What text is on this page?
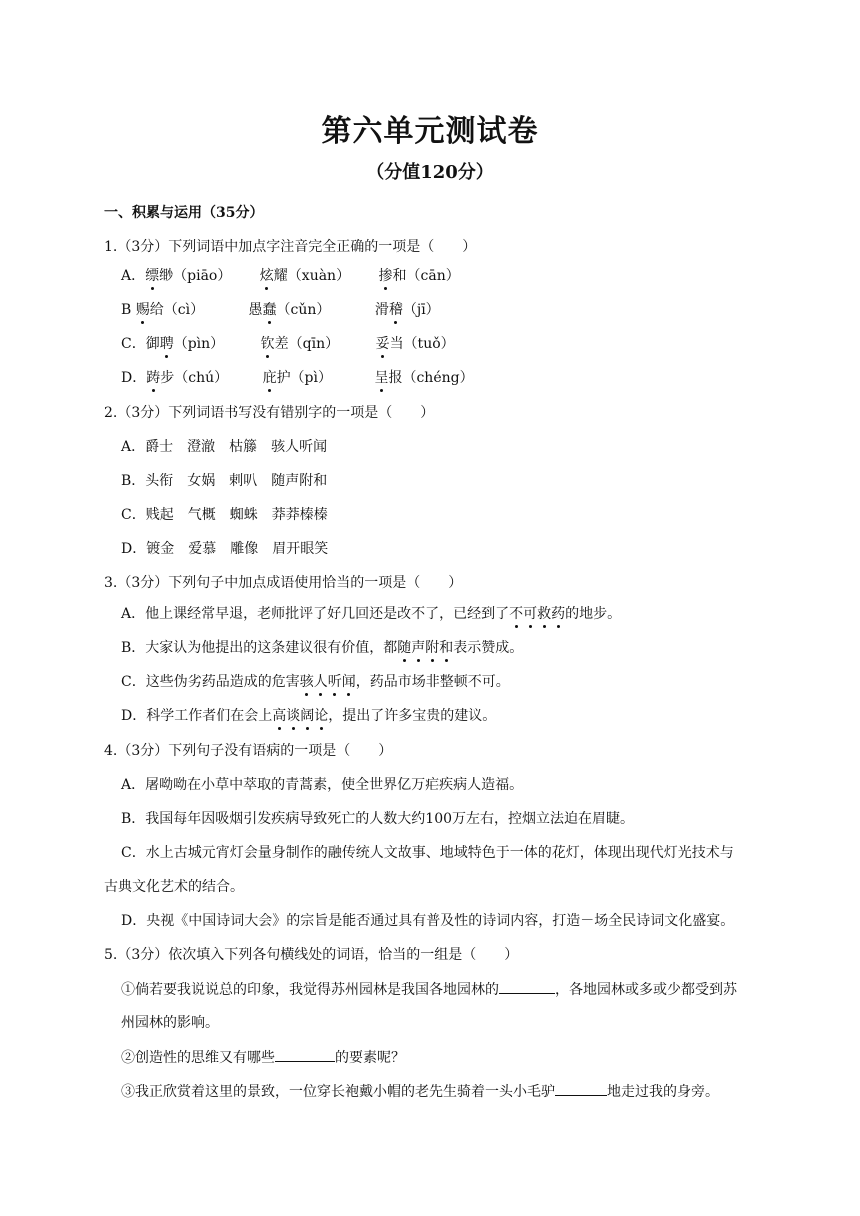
第六单元测试卷
（分值120分）
一、积累与运用（35分）
1.（3分）下列词语中加点字注音完全正确的一项是（　　）
A．缥缈（piāo） 炫耀（xuàn） 掺和（cān）
B 赐给（cì）	愚蠢（cǔn）	滑稽（jī）
C．御聘（pìn）	钦差（qīn）	妥当（tuǒ）
D．踌步（chú） 庇护（pì）	呈报（chéng）
2.（3分）下列词语书写没有错别字的一项是（　　）
A．爵士　澄澈　枯籐　骇人听闻
B．头衔　女娲　剌叭　随声附和
C．贱起　气概　蜘蛛　莽莽榛榛
D．镀金　爱慕　雕像　眉开眼笑
3.（3分）下列句子中加点成语使用恰当的一项是（　　）
A．他上课经常早退，老师批评了好几回还是改不了，已经到了不可救药的地步。
B．大家认为他提出的这条建议很有价值，都随声附和表示赞成。
C．这些伪劣药品造成的危害骇人听闻，药品市场非整顿不可。
D．科学工作者们在会上高谈阔论，提出了许多宝贵的建议。
4.（3分）下列句子没有语病的一项是（　　）
A．屠呦呦在小草中萃取的青蒿素，使全世界亿万疟疾病人造福。
B．我国每年因吸烟引发疾病导致死亡的人数大约100万左右，控烟立法迫在眉睫。
C．水上古城元宵灯会量身制作的融传统人文故事、地域特色于一体的花灯，体现出现代灯光技术与
古典文化艺术的结合。
D．央视《中国诗词大会》的宗旨是能否通过具有普及性的诗词内容，打造－场全民诗词文化盛宴。
5.（3分）依次填入下列各句横线处的词语，恰当的一组是（　　）
①倘若要我说说总的印象，我觉得苏州园林是我国各地园林的	，各地园林或多或少都受到苏
州园林的影响。
②创造性的思维又有哪些	的要素呢？
③我正欣赏着这里的景致，一位穿长袍戴小帽的老先生骑着一头小毛驴	地走过我的身旁。
